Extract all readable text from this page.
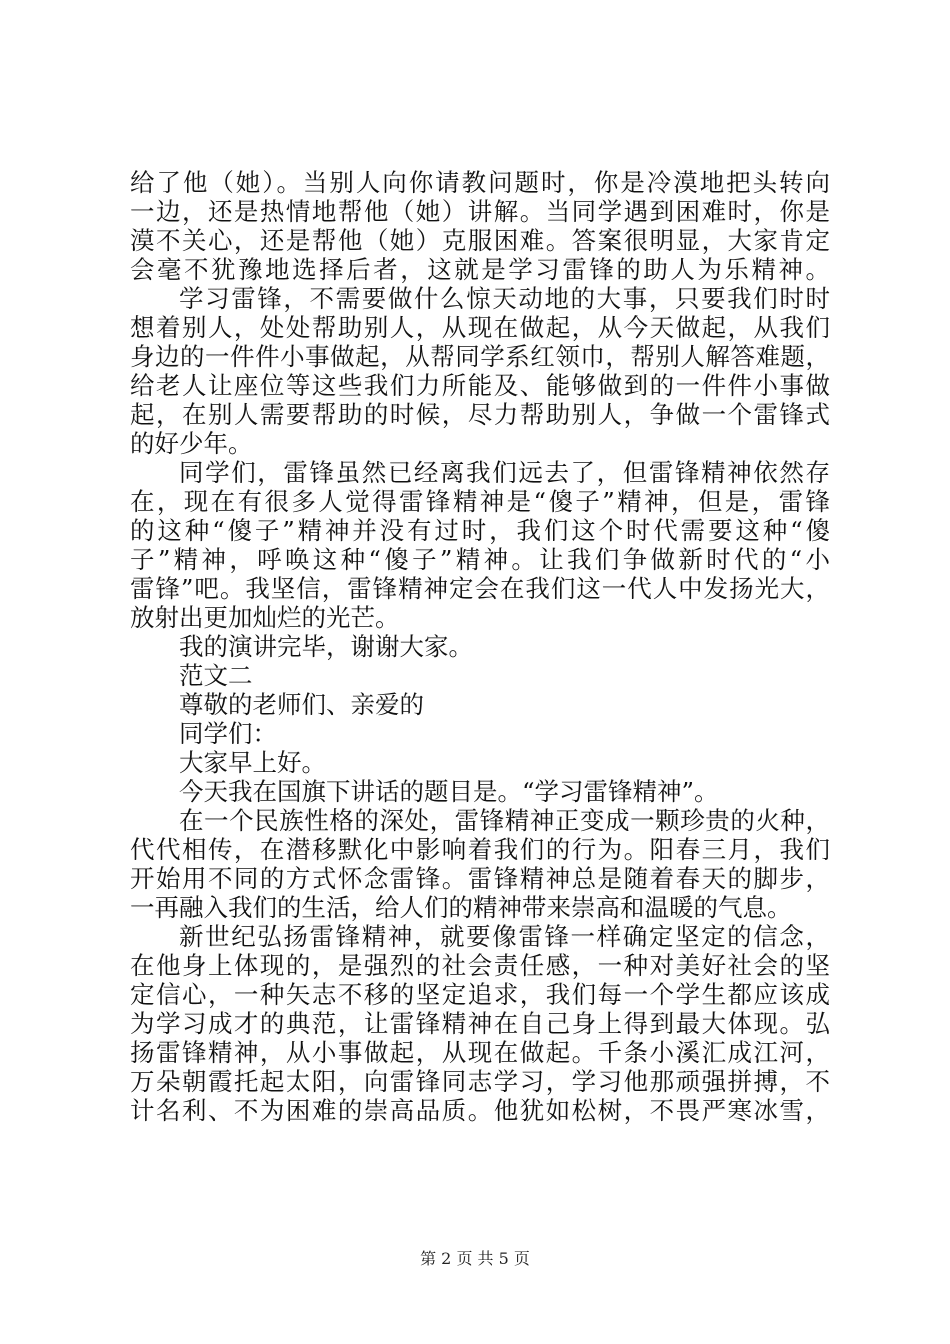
给了他（她）。当别人向你请教问题时，你是冷漠地把头转向
一边，还是热情地帮他（她）讲解。当同学遇到困难时，你是
漠不关心，还是帮他（她）克服困难。答案很明显，大家肯定
会毫不犹豫地选择后者，这就是学习雷锋的助人为乐精神。
学习雷锋，不需要做什么惊天动地的大事，只要我们时时
想着别人，处处帮助别人，从现在做起，从今天做起，从我们
身边的一件件小事做起，从帮同学系红领巾，帮别人解答难题，
给老人让座位等这些我们力所能及、能够做到的一件件小事做
起，在别人需要帮助的时候，尽力帮助别人，争做一个雷锋式
的好少年。
同学们，雷锋虽然已经离我们远去了，但雷锋精神依然存
在，现在有很多人觉得雷锋精神是“傻子”精神，但是，雷锋
的这种“傻子”精神并没有过时，我们这个时代需要这种“傻
子”精神，呼唤这种“傻子”精神。让我们争做新时代的“小
雷锋”吧。我坚信，雷锋精神定会在我们这一代人中发扬光大，
放射出更加灿烂的光芒。
我的演讲完毕，谢谢大家。
范文二
尊敬的老师们、亲爱的
同学们：
大家早上好。
今天我在国旗下讲话的题目是。“学习雷锋精神”。
在一个民族性格的深处，雷锋精神正变成一颗珍贵的火种，
代代相传，在潜移默化中影响着我们的行为。阳春三月，我们
开始用不同的方式怀念雷锋。雷锋精神总是随着春天的脚步，
一再融入我们的生活，给人们的精神带来崇高和温暖的气息。
新世纪弘扬雷锋精神，就要像雷锋一样确定坚定的信念，
在他身上体现的，是强烈的社会责任感，一种对美好社会的坚
定信心，一种矢志不移的坚定追求，我们每一个学生都应该成
为学习成才的典范，让雷锋精神在自己身上得到最大体现。弘
扬雷锋精神，从小事做起，从现在做起。千条小溪汇成江河，
万朵朝霞托起太阳，向雷锋同志学习，学习他那顽强拼搏，不
计名利、不为困难的崇高品质。他犹如松树，不畏严寒冰雪，
第 2 页 共 5 页
